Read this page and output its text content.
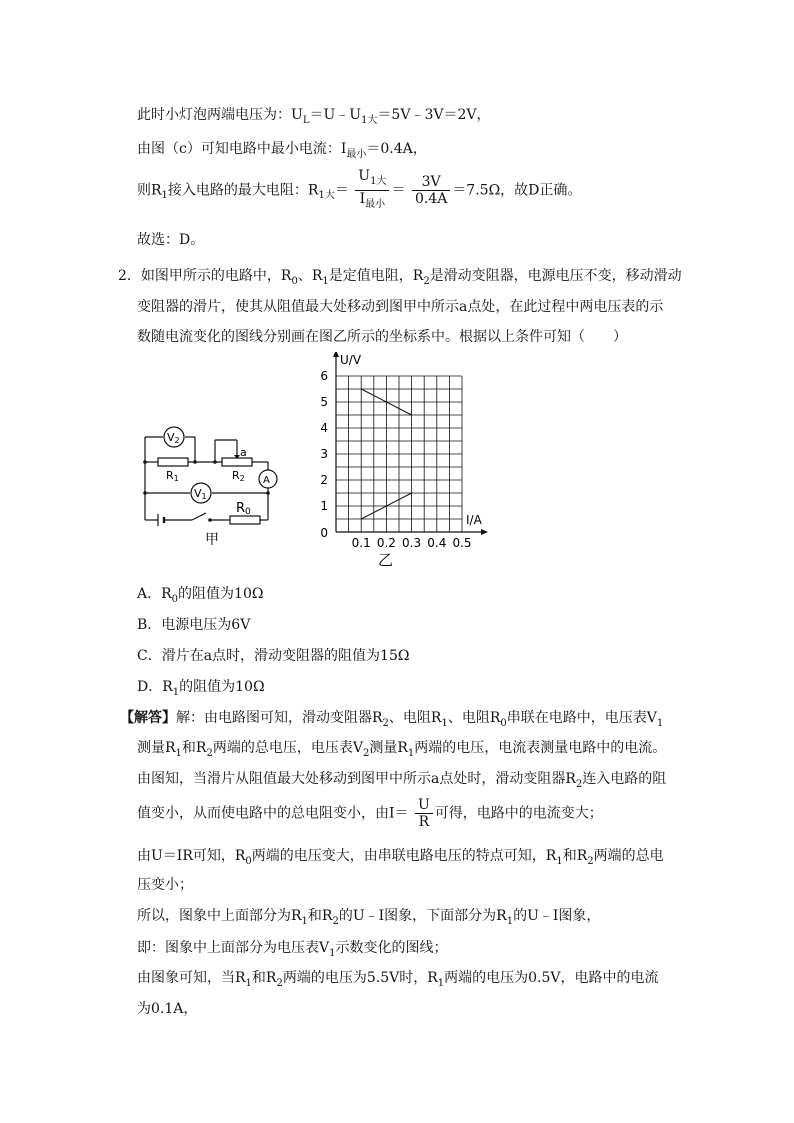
此时小灯泡两端电压为：$U_L=U﹣U_{1大}=5V﹣3V=2V$，
由图（c）可知电路中最小电流：$I_{最小}=0.4A$，
则$R_1$接入电路的最大电阻：$R_{1大}= \frac{U_{1大}}{I_{最小}} = \frac{3V}{0.4A} =7.5\Omega$，故D正确。
故选：D。
2．如图甲所示的电路中，$R_0$、$R_1$是定值电阻，$R_2$是滑动变阻器，电源电压不变，移动滑动
变阻器的滑片，使其从阻值最大处移动到图甲中所示a点处，在此过程中两电压表的示
数随电流变化的图线分别画在图乙所示的坐标系中。根据以上条件可知（　　）
V2
V1
A
R1	R2
a
R0
甲	0.1 0.2 0.3 0.4 0.5
1
2
3
4
5
6
0
I/A
U/V
乙
A．$R_0$的阻值为10Ω
B．电源电压为6V
C．滑片在a点时，滑动变阻器的阻值为15Ω
D．$R_1$的阻值为10Ω
【解答】解：由电路图可知，滑动变阻器$R_2$、电阻$R_1$、电阻$R_0$串联在电路中，电压表$V_1$
测量$R_1$和$R_2$两端的总电压，电压表$V_2$测量$R_1$两端的电压，电流表测量电路中的电流。
由图知，当滑片从阻值最大处移动到图甲中所示a点处时，滑动变阻器$R_2$连入电路的阻
值变小，从而使电路中的总电阻变小，由$I= \frac{U}{R}$ 可得，电路中的电流变大；
由U＝IR可知，$R_0$两端的电压变大，由串联电路电压的特点可知，$R_1$和$R_2$两端的总电
压变小；
所以，图象中上面部分为$R_1$和$R_2$的U﹣I图象，下面部分为$R_1$的U﹣I图象，
即：图象中上面部分为电压表$V_1$示数变化的图线；
由图象可知，当$R_1$和$R_2$两端的电压为5.5V时，$R_1$两端的电压为0.5V，电路中的电流
为0.1A，
